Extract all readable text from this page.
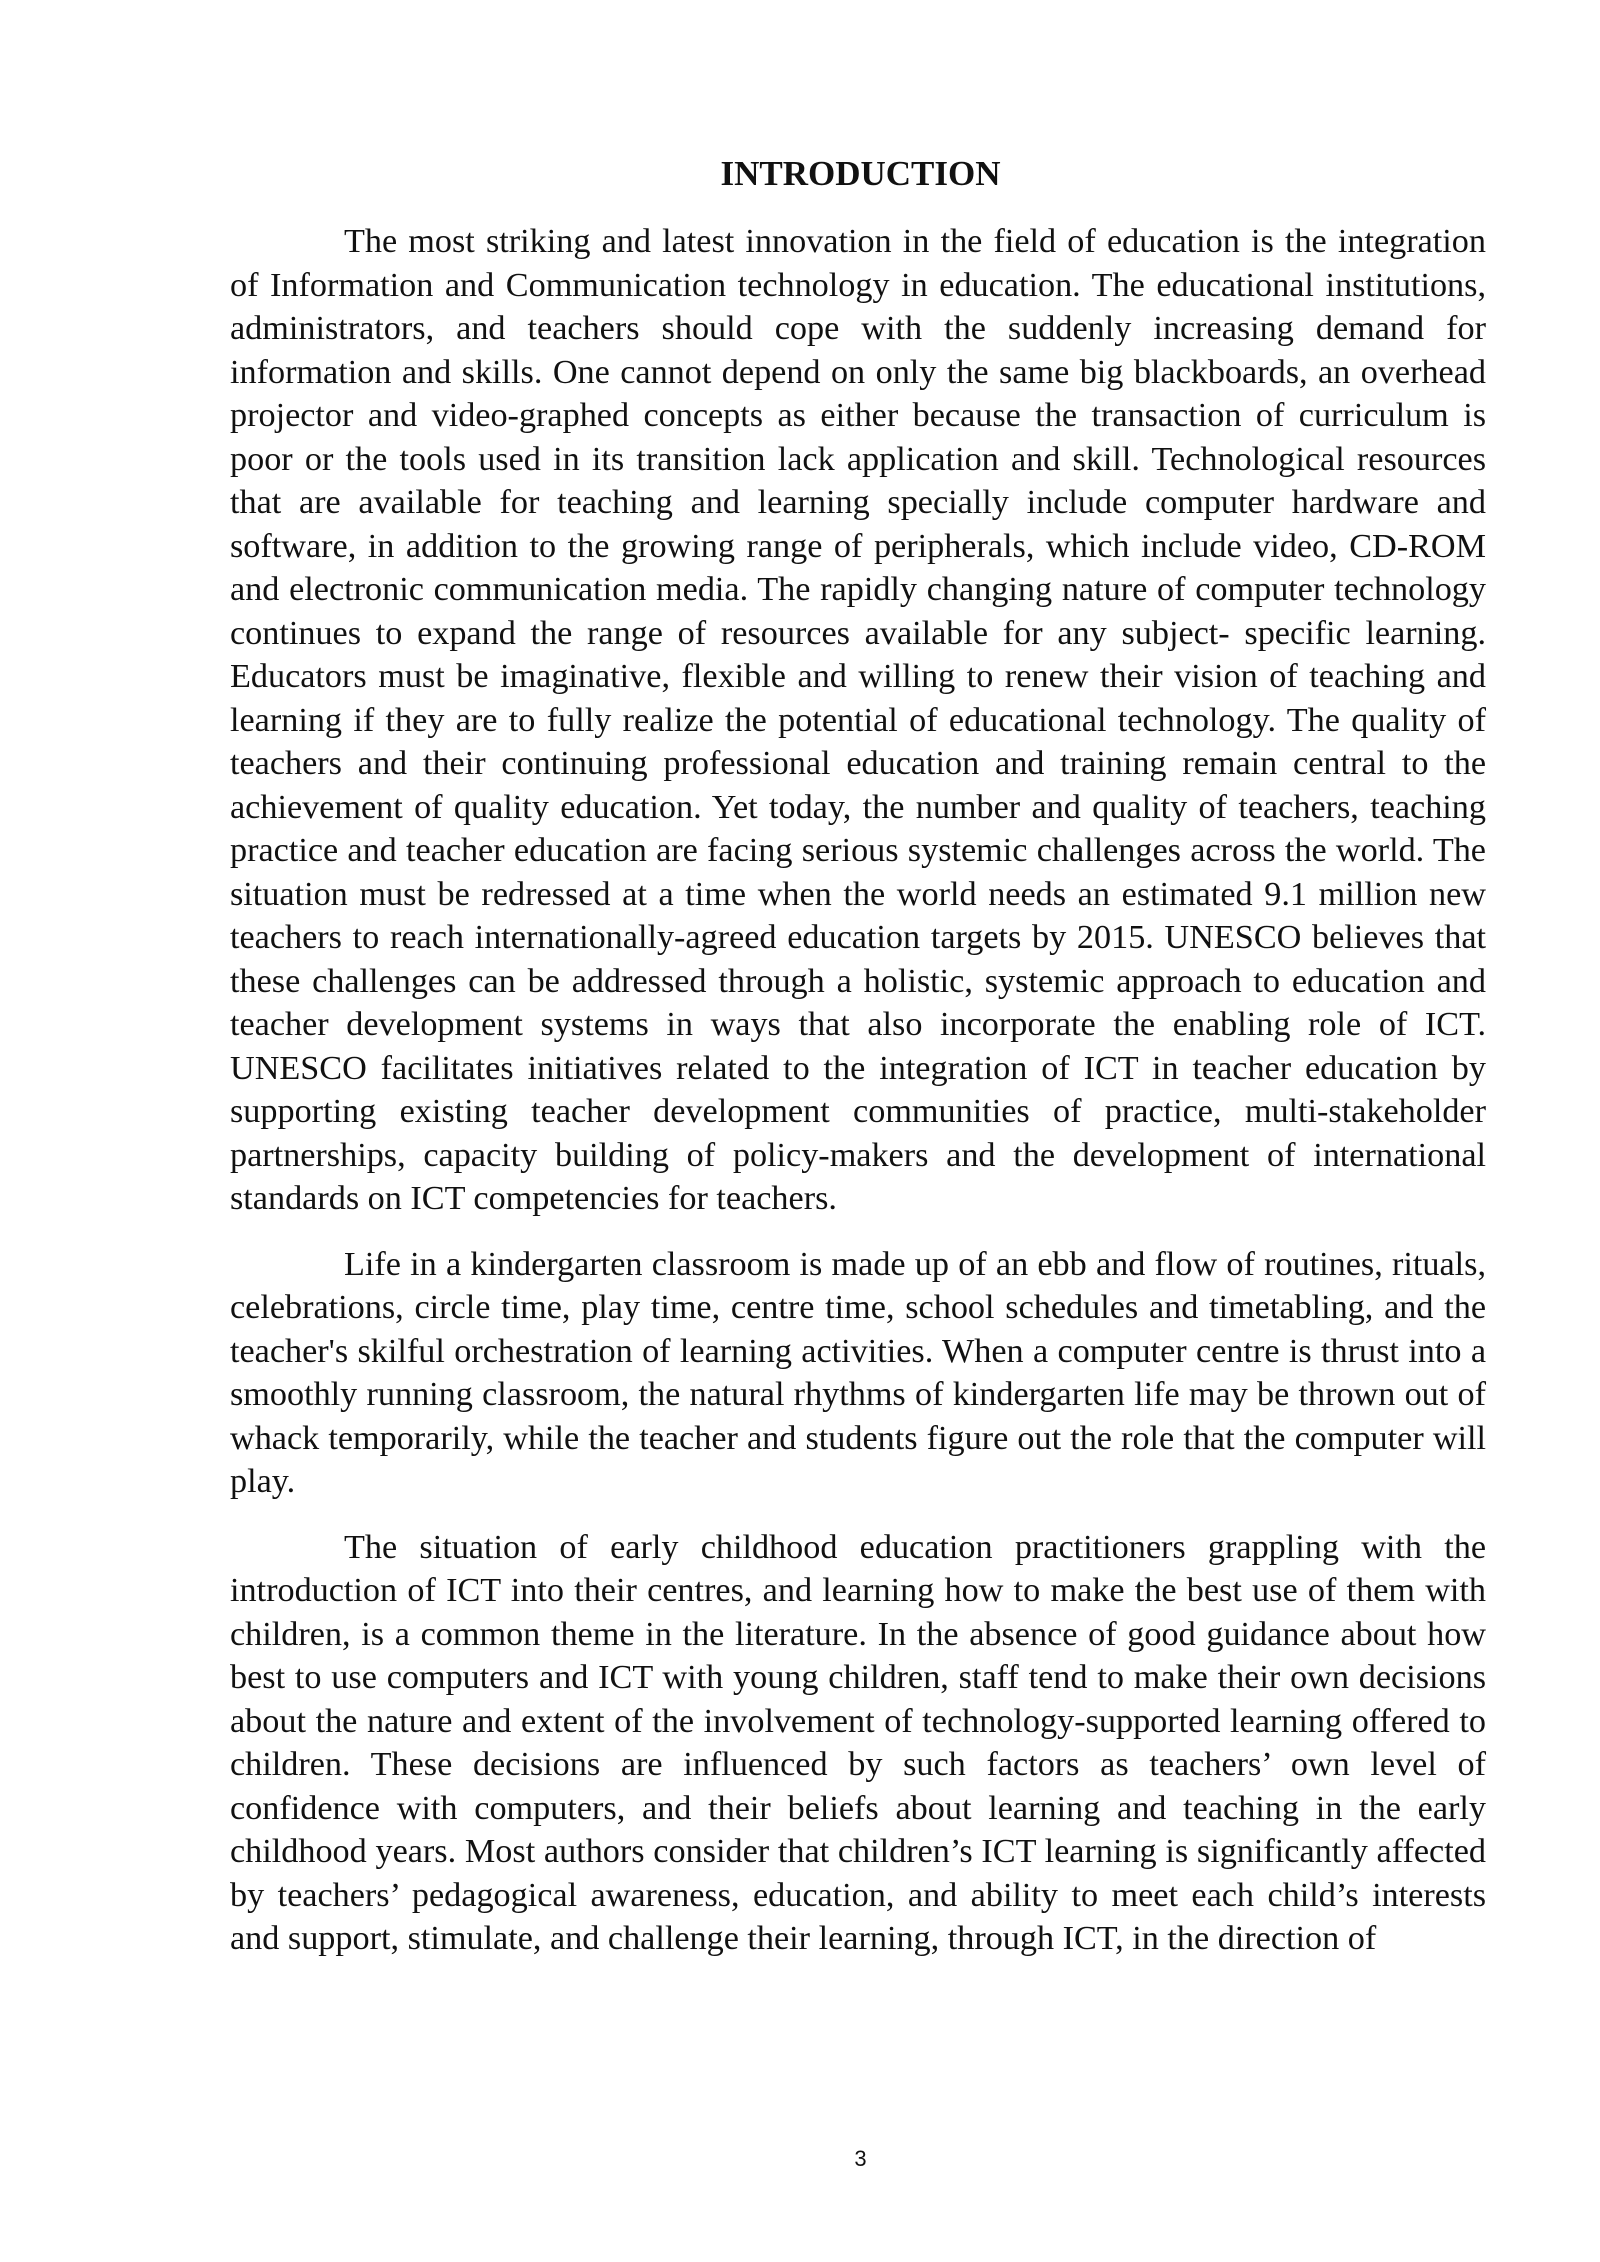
INTRODUCTION

The most striking and latest innovation in the field of education is the integration of Information and Communication technology in education. The educational institutions, administrators, and teachers should cope with the suddenly increasing demand for information and skills. One cannot depend on only the same big blackboards, an overhead projector and video-graphed concepts as either because the transaction of curriculum is poor or the tools used in its transition lack application and skill. Technological resources that are available for teaching and learning specially include computer hardware and software, in addition to the growing range of peripherals, which include video, CD-ROM and electronic communication media. The rapidly changing nature of computer technology continues to expand the range of resources available for any subject- specific learning. Educators must be imaginative, flexible and willing to renew their vision of teaching and learning if they are to fully realize the potential of educational technology. The quality of teachers and their continuing professional education and training remain central to the achievement of quality education. Yet today, the number and quality of teachers, teaching practice and teacher education are facing serious systemic challenges across the world. The situation must be redressed at a time when the world needs an estimated 9.1 million new teachers to reach internationally-agreed education targets by 2015. UNESCO believes that these challenges can be addressed through a holistic, systemic approach to education and teacher development systems in ways that also incorporate the enabling role of ICT. UNESCO facilitates initiatives related to the integration of ICT in teacher education by supporting existing teacher development communities of practice, multi-stakeholder partnerships, capacity building of policy-makers and the development of international standards on ICT competencies for teachers.

Life in a kindergarten classroom is made up of an ebb and flow of routines, rituals, celebrations, circle time, play time, centre time, school schedules and timetabling, and the teacher's skilful orchestration of learning activities. When a computer centre is thrust into a smoothly running classroom, the natural rhythms of kindergarten life may be thrown out of whack temporarily, while the teacher and students figure out the role that the computer will play.

The situation of early childhood education practitioners grappling with the introduction of ICT into their centres, and learning how to make the best use of them with children, is a common theme in the literature. In the absence of good guidance about how best to use computers and ICT with young children, staff tend to make their own decisions about the nature and extent of the involvement of technology-supported learning offered to children. These decisions are influenced by such factors as teachers’ own level of confidence with computers, and their beliefs about learning and teaching in the early childhood years. Most authors consider that children’s ICT learning is significantly affected by teachers’ pedagogical awareness, education, and ability to meet each child’s interests and support, stimulate, and challenge their learning, through ICT, in the direction of

3
